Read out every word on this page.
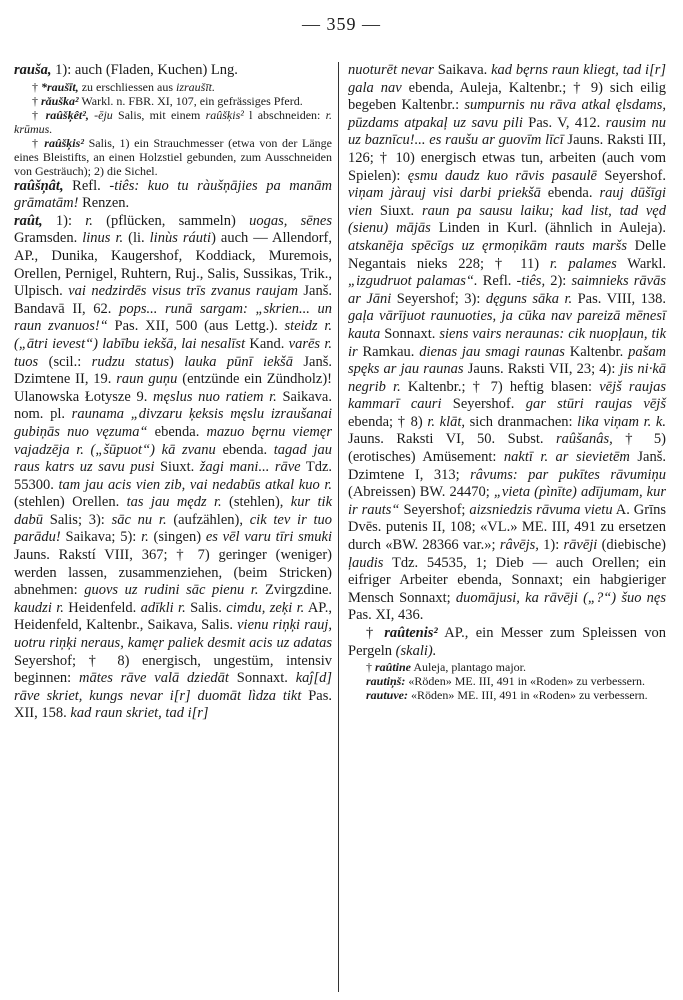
— 359 —

rauša, 1): auch (Fladen, Kuchen) Lng.

† *raušīt, zu erschliessen aus izraušīt.

† rǎuška² Warkl. n. FBR. XI, 107, ein gefrässiges Pferd.

† raûšķêt², -ēju Salis, mit einem raûšķis² l abschneiden: r. krūmus.

† raûšķis² Salis, 1) ein Strauchmesser (etwa von der Länge eines Bleistifts, an einen Holzstiel gebunden, zum Ausschneiden von Gesträuch); 2) die Sichel.

raûšņât, Refl. -tiês: kuo tu ràušņājies pa manām grāmatām! Renzen.

raût, 1): r. (pflücken, sammeln) uogas, sēnes Gramsden. linus r. (li. linùs ráuti) auch — Allendorf, AP., Dunika, Kaugershof, Koddiack, Muremois, Orellen, Pernigel, Ruhtern, Ruj., Salis, Sussikas, Trik., Ulpisch. vai nedzirdēs visus trīs zvanus raujam Janš. Bandavā II, 62. pops... runā sargam: „skrien... un raun zvanuos!“ Pas. XII, 500 (aus Lettg.). steidz r. („ātri ievest“) labību iekšā, lai nesalīst Kand. varēs r. tuos (scil.: rudzu status) lauka pūnī iekšā Janš. Dzimtene II, 19. raun guņu (entzünde ein Zündholz)! Ulanowska Łotysze 9. męslus nuo ratiem r. Saikava. nom. pl. raunama „divzaru ķeksis męslu izraušanai gubiņās nuo vęzuma“ ebenda. mazuo bęrnu viemęr vajadzēja r. („šūpuot“) kā zvanu ebenda. tagad jau raus katrs uz savu pusi Siuxt. žagi mani... rāve Tdz. 55300. tam jau acis vien zib, vai nedabūs atkal kuo r. (stehlen) Orellen. tas jau mędz r. (stehlen), kur tik dabū Salis; 3): sāc nu r. (aufzählen), cik tev ir tuo parādu! Saikava; 5): r. (singen) es vēl varu tīri smuki Jauns. Rakstí VIII, 367; † 7) geringer (weniger) werden lassen, zusammenziehen, (beim Stricken) abnehmen: guovs uz rudini sāc pienu r. Zvirgzdine. kaudzi r. Heidenfeld. adīkli r. Salis. cimdu, zeķi r. AP., Heidenfeld, Kaltenbr., Saikava, Salis. vienu riņķi rauj, uotru riņķi neraus, kamęr paliek desmit acis uz adatas Seyershof; † 8) energisch, ungestüm, intensiv beginnen: mātes rāve valā dziedāt Sonnaxt. kaĵ[d] rāve skriet, kungs nevar i[r] duomāt lìdza tikt Pas. XII, 158. kad raun skriet, tad i[r]

nuoturēt nevar Saikava. kad bęrns raun kliegt, tad i[r] gala nav ebenda, Auleja, Kaltenbr.; † 9) sich eilig begeben Kaltenbr.: sumpurnis nu rāva atkal ęlsdams, pūzdams atpakaļ uz savu pili Pas. V, 412. rausim nu uz baznīcu!... es rаušu ar guovīm līcī Jauns. Raksti III, 126; † 10) energisch etwas tun, arbeiten (auch vom Spielen): ęsmu daudz kuo rāvis pasaulē Seyershof. viņam jàrauj visi darbi priekšā ebenda. rauj dūšīgi vien Siuxt. raun pa sausu laiku; kad list, tad vęd (sienu) mājās Linden in Kurl. (ähnlich in Auleja). atskanēja spēcīgs uz ęrmoņikām rauts maršs Delle Negantais nieks 228; † 11) r. palames Warkl. „izgudruot palamas“. Refl. -tiês, 2): saimnieks rāvās ar Jāni Seyershof; 3): dęguns sāka r. Pas. VIII, 138. gaļa vārījuot raunuoties, ja cūka nav pareizā mēnesī kauta Sonnaxt. siens vairs neraunas: cik nuopļaun, tik ir Ramkau. dienas jau smagi raunas Kaltenbr. pašam spęks ar jau raunas Jauns. Raksti VII, 23; 4): jis ni·kā negrib r. Kaltenbr.; † 7) heftig blasen: vējš raujas kammarī cauri Seyershof. gar stūri raujas vējš ebenda; † 8) r. klāt, sich dranmachen: lika viņam r. k. Jauns. Raksti VI, 50. Subst. raûšanâs, † 5) (erotisches) Amüsement: naktī r. ar sievietēm Janš. Dzimtene I, 313; râvums: par pukītes rāvumiņu (Abreissen) BW. 24470; „vieta (pìnīte) adījumam, kur ir rauts“ Seyershof; aizsniedzis rāvuma vietu A. Grīns Dvēs. putenis II, 108; «VL.» ME. III, 491 zu ersetzen durch «BW. 28366 var.»; râvējs, 1): rāvēji (diebische) ļaudis Tdz. 54535, 1; Dieb — auch Orellen; ein eifriger Arbeiter ebenda, Sonnaxt; ein habgieriger Mensch Sonnaxt; duomājusi, ka rāvēji („?“) šuo nęs Pas. XI, 436.

† raûtenis² AP., ein Messer zum Spleissen von Pergeln (skali).

† raûtine Auleja, plantago major.

rautiņš: «Röden» ME. III, 491 in «Roden» zu verbessern.

rautuve: «Röden» ME. III, 491 in «Roden» zu verbessern.
